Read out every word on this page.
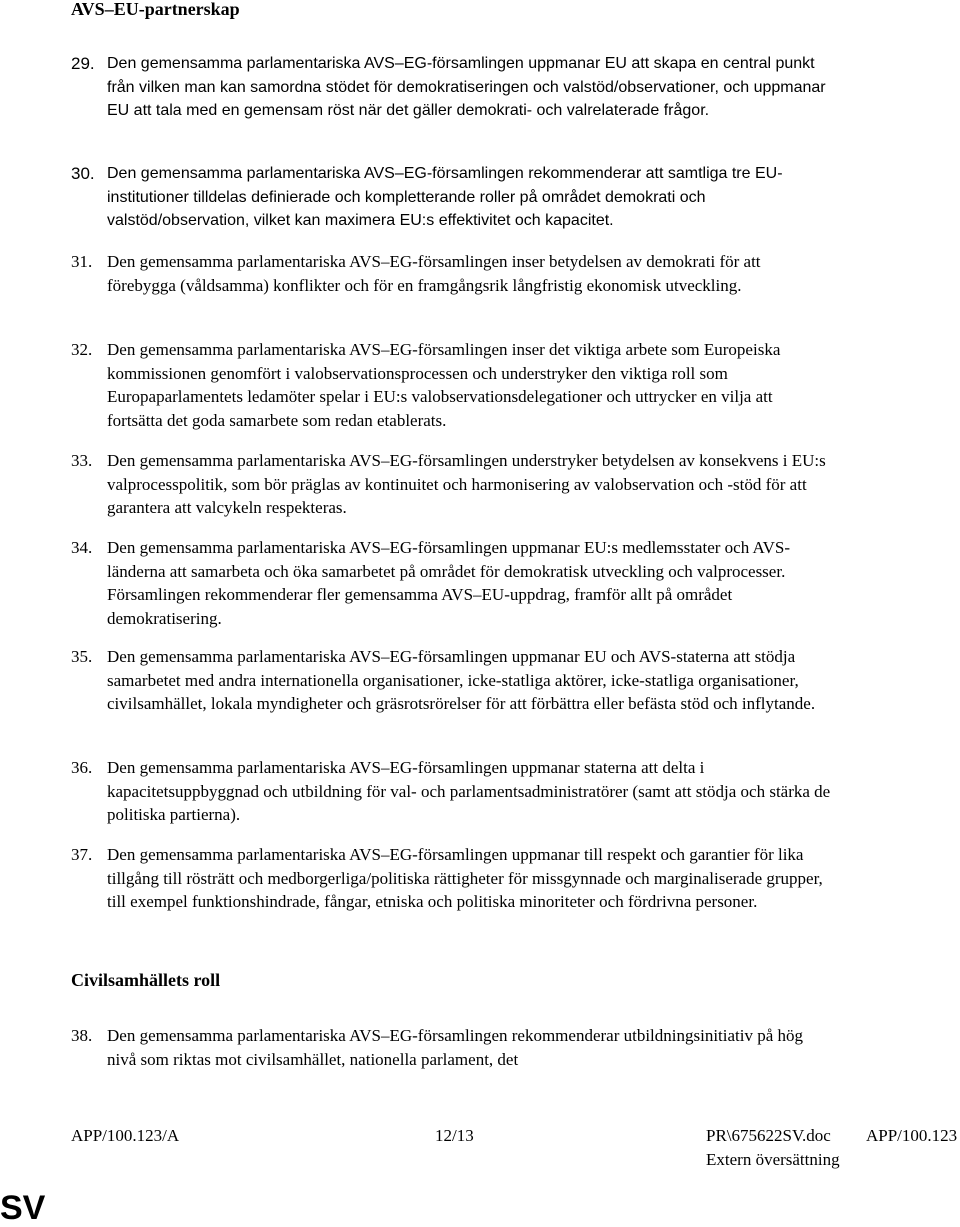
AVS–EU-partnerskap
29. Den gemensamma parlamentariska AVS–EG-församlingen uppmanar EU att skapa en central punkt från vilken man kan samordna stödet för demokratiseringen och valstöd/observationer, och uppmanar EU att tala med en gemensam röst när det gäller demokrati- och valrelaterade frågor.
30. Den gemensamma parlamentariska AVS–EG-församlingen rekommenderar att samtliga tre EU-institutioner tilldelas definierade och kompletterande roller på området demokrati och valstöd/observation, vilket kan maximera EU:s effektivitet och kapacitet.
31. Den gemensamma parlamentariska AVS–EG-församlingen inser betydelsen av demokrati för att förebygga (våldsamma) konflikter och för en framgångsrik långfristig ekonomisk utveckling.
32. Den gemensamma parlamentariska AVS–EG-församlingen inser det viktiga arbete som Europeiska kommissionen genomfört i valobservationsprocessen och understryker den viktiga roll som Europaparlamentets ledamöter spelar i EU:s valobservationsdelegationer och uttrycker en vilja att fortsätta det goda samarbete som redan etablerats.
33. Den gemensamma parlamentariska AVS–EG-församlingen understryker betydelsen av konsekvens i EU:s valprocesspolitik, som bör präglas av kontinuitet och harmonisering av valobservation och -stöd för att garantera att valcykeln respekteras.
34. Den gemensamma parlamentariska AVS–EG-församlingen uppmanar EU:s medlemsstater och AVS-länderna att samarbeta och öka samarbetet på området för demokratisk utveckling och valprocesser. Församlingen rekommenderar fler gemensamma AVS–EU-uppdrag, framför allt på området demokratisering.
35. Den gemensamma parlamentariska AVS–EG-församlingen uppmanar EU och AVS-staterna att stödja samarbetet med andra internationella organisationer, icke-statliga aktörer, icke-statliga organisationer, civilsamhället, lokala myndigheter och gräsrotsrörelser för att förbättra eller befästa stöd och inflytande.
36. Den gemensamma parlamentariska AVS–EG-församlingen uppmanar staterna att delta i kapacitetsuppbyggnad och utbildning för val- och parlamentsadministratörer (samt att stödja och stärka de politiska partierna).
37. Den gemensamma parlamentariska AVS–EG-församlingen uppmanar till respekt och garantier för lika tillgång till rösträtt och medborgerliga/politiska rättigheter för missgynnade och marginaliserade grupper, till exempel funktionshindrade, fångar, etniska och politiska minoriteter och fördrivna personer.
Civilsamhällets roll
38. Den gemensamma parlamentariska AVS–EG-församlingen rekommenderar utbildningsinitiativ på hög nivå som riktas mot civilsamhället, nationella parlament, det
APP/100.123/A	12/13	PR\675622SV.doc APP/100.123
Extern översättning
SV
